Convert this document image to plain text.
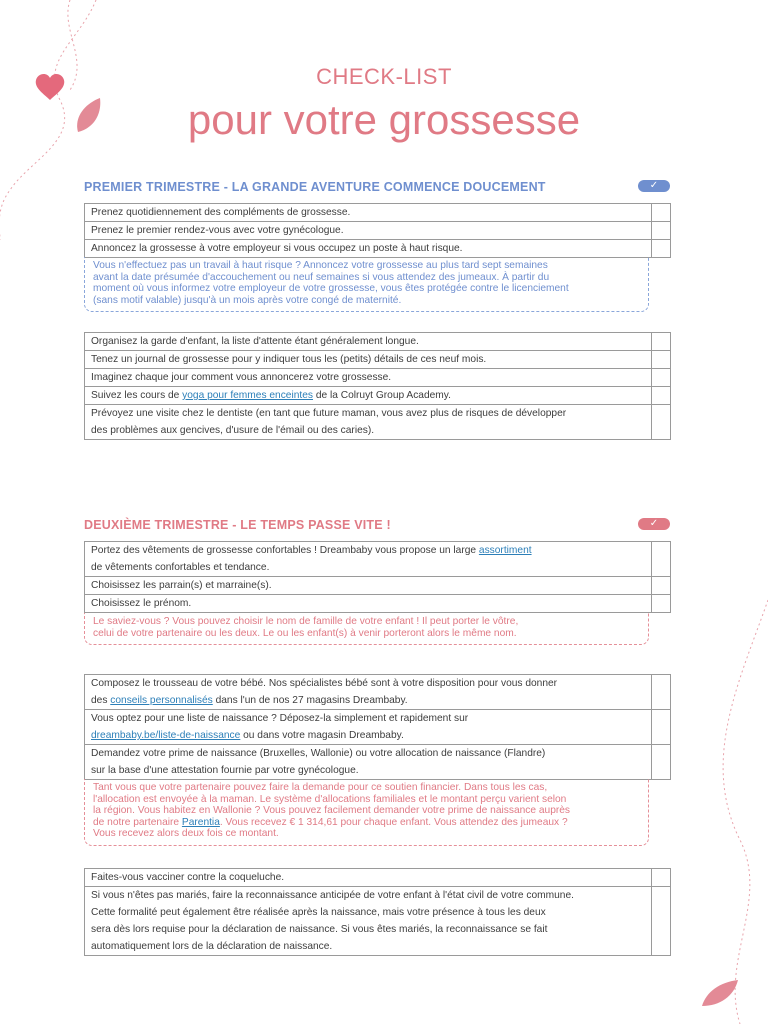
CHECK-LIST
pour votre grossesse
PREMIER TRIMESTRE - LA GRANDE AVENTURE COMMENCE DOUCEMENT	✓
Prenez quotidiennement des compléments de grossesse.	
Prenez le premier rendez-vous avec votre gynécologue.	
Annoncez la grossesse à votre employeur si vous occupez un poste à haut risque.	
Vous n'effectuez pas un travail à haut risque ? Annoncez votre grossesse au plus tard sept semaines
avant la date présumée d'accouchement ou neuf semaines si vous attendez des jumeaux. À partir du
moment où vous informez votre employeur de votre grossesse, vous êtes protégée contre le licenciement
(sans motif valable) jusqu'à un mois après votre congé de maternité.
Organisez la garde d'enfant, la liste d'attente étant généralement longue.	
Tenez un journal de grossesse pour y indiquer tous les (petits) détails de ces neuf mois.	
Imaginez chaque jour comment vous annoncerez votre grossesse.	
Suivez les cours de yoga pour femmes enceintes de la Colruyt Group Academy.	
Prévoyez une visite chez le dentiste (en tant que future maman, vous avez plus de risques de développer
des problèmes aux gencives, d'usure de l'émail ou des caries).	
DEUXIÈME TRIMESTRE - LE TEMPS PASSE VITE !	✓
Portez des vêtements de grossesse confortables ! Dreambaby vous propose un large assortiment
de vêtements confortables et tendance.	
Choisissez les parrain(s) et marraine(s).	
Choisissez le prénom.	
Le saviez-vous ? Vous pouvez choisir le nom de famille de votre enfant ! Il peut porter le vôtre,
celui de votre partenaire ou les deux. Le ou les enfant(s) à venir porteront alors le même nom.
Composez le trousseau de votre bébé. Nos spécialistes bébé sont à votre disposition pour vous donner
des conseils personnalisés dans l'un de nos 27 magasins Dreambaby.	
Vous optez pour une liste de naissance ? Déposez-la simplement et rapidement sur
dreambaby.be/liste-de-naissance ou dans votre magasin Dreambaby.	
Demandez votre prime de naissance (Bruxelles, Wallonie) ou votre allocation de naissance (Flandre)
sur la base d'une attestation fournie par votre gynécologue.	
Tant vous que votre partenaire pouvez faire la demande pour ce soutien financier. Dans tous les cas,
l'allocation est envoyée à la maman. Le système d'allocations familiales et le montant perçu varient selon
la région. Vous habitez en Wallonie ? Vous pouvez facilement demander votre prime de naissance auprès
de notre partenaire Parentia. Vous recevez € 1 314,61 pour chaque enfant. Vous attendez des jumeaux ?
Vous recevez alors deux fois ce montant.
Faites-vous vacciner contre la coqueluche.	
Si vous n'êtes pas mariés, faire la reconnaissance anticipée de votre enfant à l'état civil de votre commune.
Cette formalité peut également être réalisée après la naissance, mais votre présence à tous les deux
sera dès lors requise pour la déclaration de naissance. Si vous êtes mariés, la reconnaissance se fait
automatiquement lors de la déclaration de naissance.	
